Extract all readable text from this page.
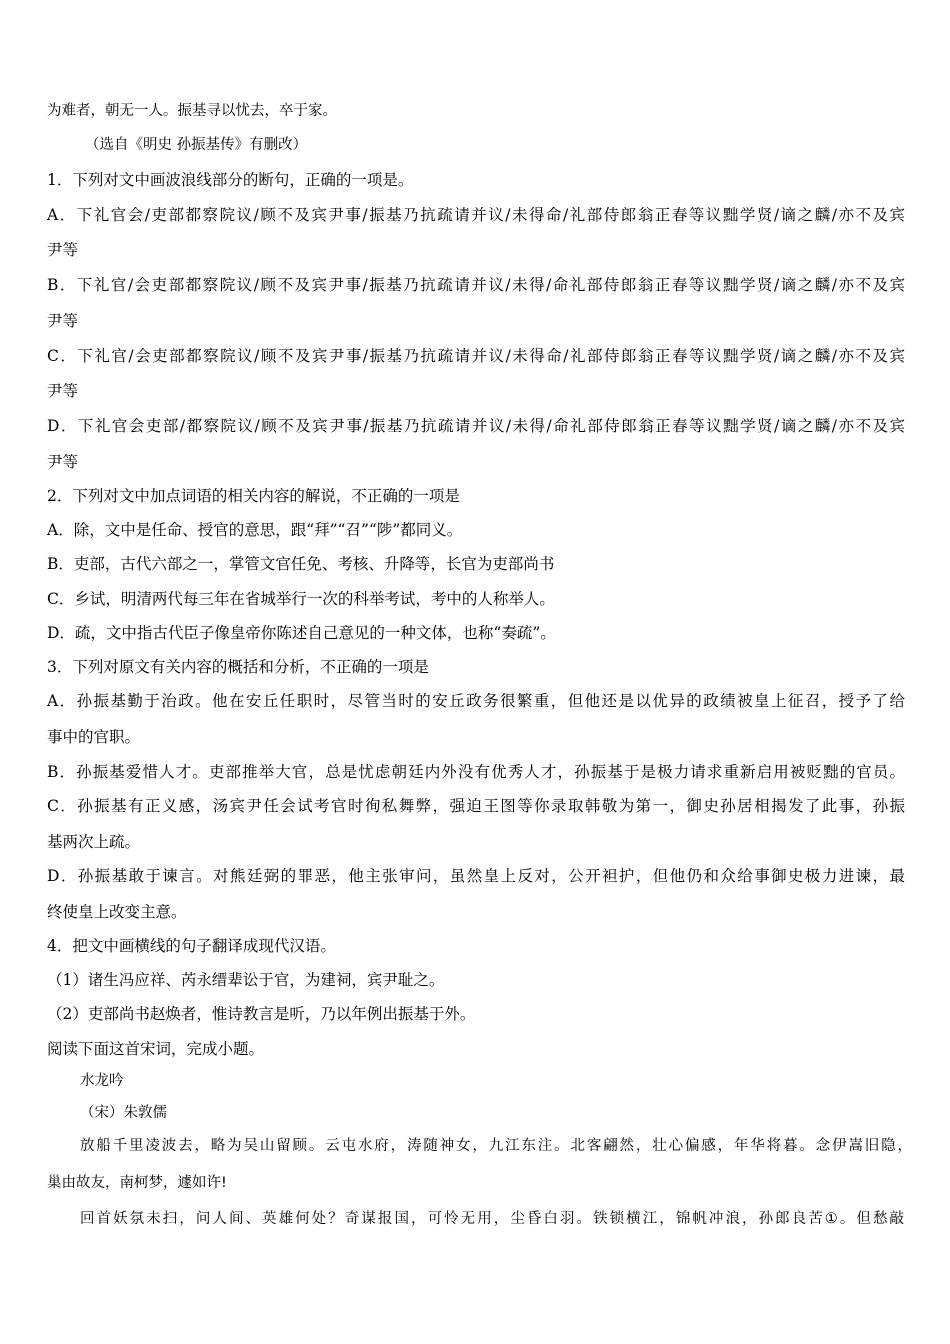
为难者，朝无一人。振基寻以忧去，卒于家。
（选自《明史 孙振基传》有删改）
1．下列对文中画波浪线部分的断句，正确的一项是。
A．下礼官会/吏部都察院议/顾不及宾尹事/振基乃抗疏请并议/未得命/礼部侍郎翁正春等议黜学贤/谪之麟/亦不及宾
尹等
B．下礼官/会吏部都察院议/顾不及宾尹事/振基乃抗疏请并议/未得/命礼部侍郎翁正春等议黜学贤/谪之麟/亦不及宾
尹等
C．下礼官/会吏部都察院议/顾不及宾尹事/振基乃抗疏请并议/未得命/礼部侍郎翁正春等议黜学贤/谪之麟/亦不及宾
尹等
D．下礼官会吏部/都察院议/顾不及宾尹事/振基乃抗疏请并议/未得/命礼部侍郎翁正春等议黜学贤/谪之麟/亦不及宾
尹等
2．下列对文中加点词语的相关内容的解说，不正确的一项是
A．除，文中是任命、授官的意思，跟“拜”“召”“陟”都同义。
B．吏部，古代六部之一，掌管文官任免、考核、升降等，长官为吏部尚书
C．乡试，明清两代每三年在省城举行一次的科举考试，考中的人称举人。
D．疏，文中指古代臣子像皇帝你陈述自己意见的一种文体，也称“奏疏”。
3．下列对原文有关内容的概括和分析，不正确的一项是
A．孙振基勤于治政。他在安丘任职时，尽管当时的安丘政务很繁重，但他还是以优异的政绩被皇上征召，授予了给
事中的官职。
B．孙振基爱惜人才。吏部推举大官，总是忧虑朝廷内外没有优秀人才，孙振基于是极力请求重新启用被贬黜的官员。
C．孙振基有正义感，汤宾尹任会试考官时徇私舞弊，强迫王图等你录取韩敬为第一，御史孙居相揭发了此事，孙振
基两次上疏。
D．孙振基敢于谏言。对熊廷弼的罪恶，他主张审问，虽然皇上反对，公开袒护，但他仍和众给事御史极力进谏，最
终使皇上改变主意。
4．把文中画横线的句子翻译成现代汉语。
（1）诸生冯应祥、芮永缙辈讼于官，为建祠，宾尹耻之。
（2）吏部尚书赵焕者，惟诗教言是听，乃以年例出振基于外。
阅读下面这首宋词，完成小题。
水龙吟
（宋）朱敦儒
放船千里凌波去，略为吴山留顾。云屯水府，涛随神女，九江东注。北客翩然，壮心偏感，年华将暮。念伊嵩旧隐，
巢由故友，南柯梦，遽如许!
回首妖氛未扫，问人间、英雄何处？奇谋报国，可怜无用，尘昏白羽。铁锁横江，锦帆冲浪，孙郎良苦①。但愁敲
